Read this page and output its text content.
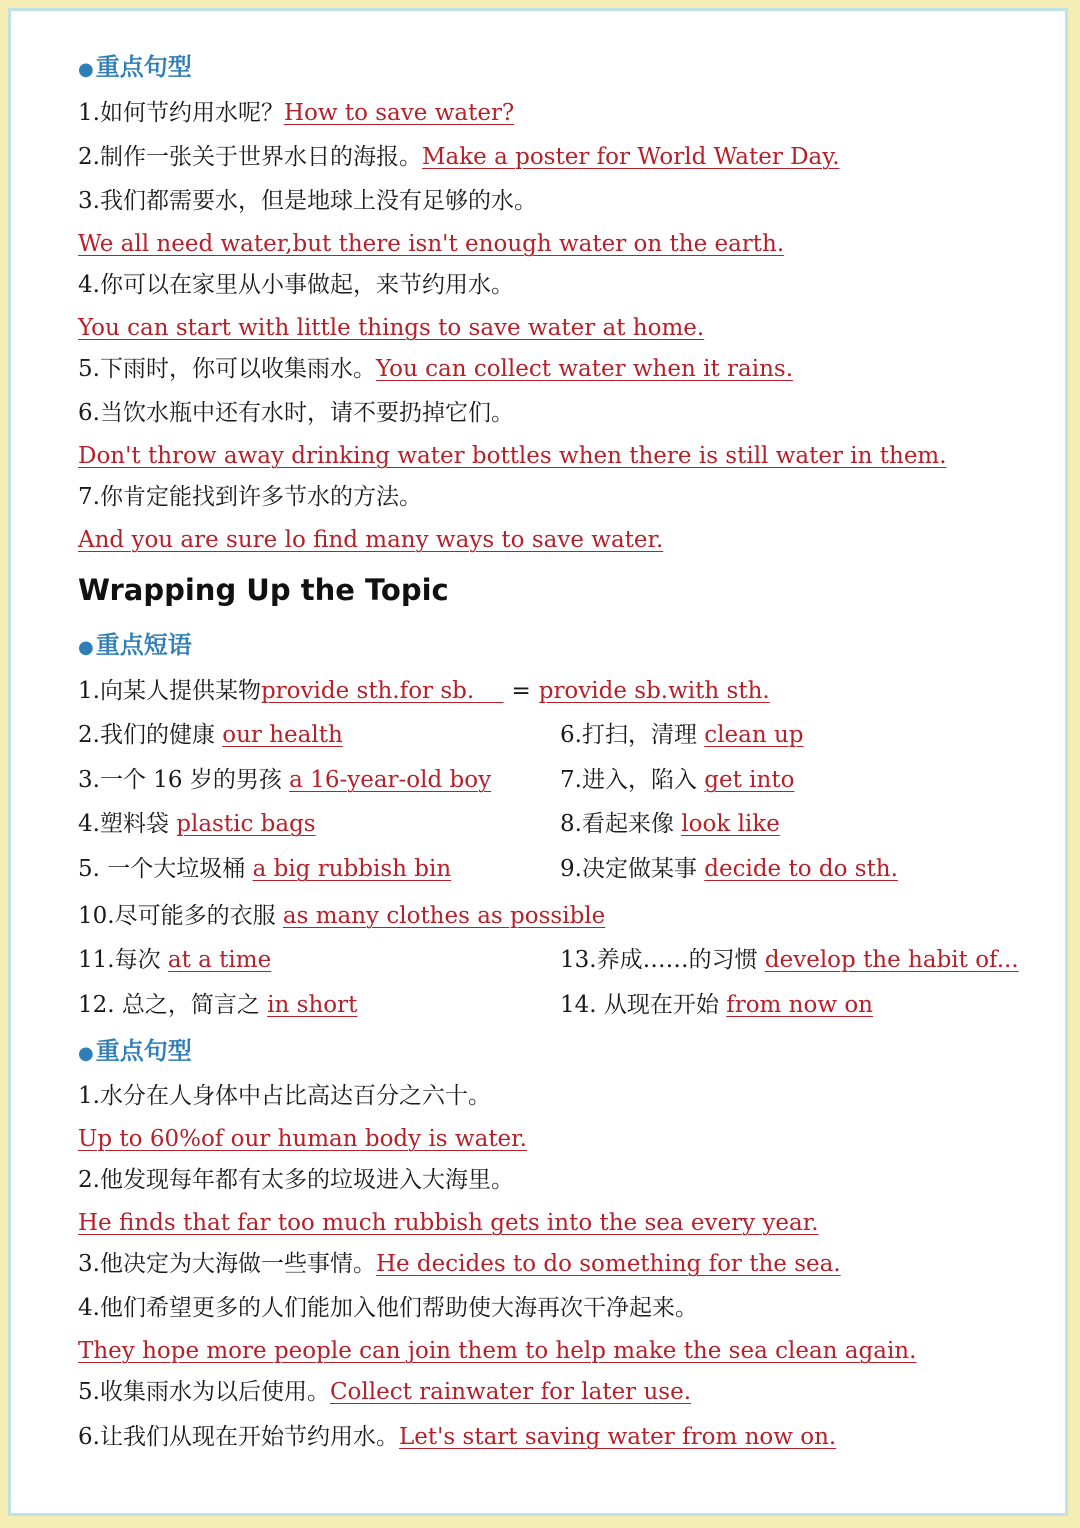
●重点句型
1.如何节约用水呢？How to save water?
2.制作一张关于世界水日的海报。Make a poster for World Water Day.
3.我们都需要水，但是地球上没有足够的水。
We all need water,but there isn't enough water on the earth.
4.你可以在家里从小事做起，来节约用水。
You can start with little things to save water at home.
5.下雨时，你可以收集雨水。You can collect water when it rains.
6.当饮水瓶中还有水时，请不要扔掉它们。
Don't throw away drinking water bottles when there is still water in them.
7.你肯定能找到许多节水的方法。
And you are sure lo find many ways to save water.
Wrapping Up the Topic
●重点短语
1.向某人提供某物provide sth.for sb. = provide sb.with sth.
2.我们的健康 our health	6.打扫，清理 clean up
3.一个 16 岁的男孩 a 16-year-old boy	7.进入，陷入 get into
4.塑料袋 plastic bags	8.看起来像 look like
5. 一个大垃圾桶 a big rubbish bin	9.决定做某事 decide to do sth.
10.尽可能多的衣服 as many clothes as possible
11.每次 at a time	13.养成……的习惯 develop the habit of...
12. 总之，简言之 in short	14. 从现在开始 from now on
●重点句型
1.水分在人身体中占比高达百分之六十。
Up to 60%of our human body is water.
2.他发现每年都有太多的垃圾进入大海里。
He finds that far too much rubbish gets into the sea every year.
3.他决定为大海做一些事情。He decides to do something for the sea.
4.他们希望更多的人们能加入他们帮助使大海再次干净起来。
They hope more people can join them to help make the sea clean again.
5.收集雨水为以后使用。Collect rainwater for later use.
6.让我们从现在开始节约用水。Let's start saving water from now on.
